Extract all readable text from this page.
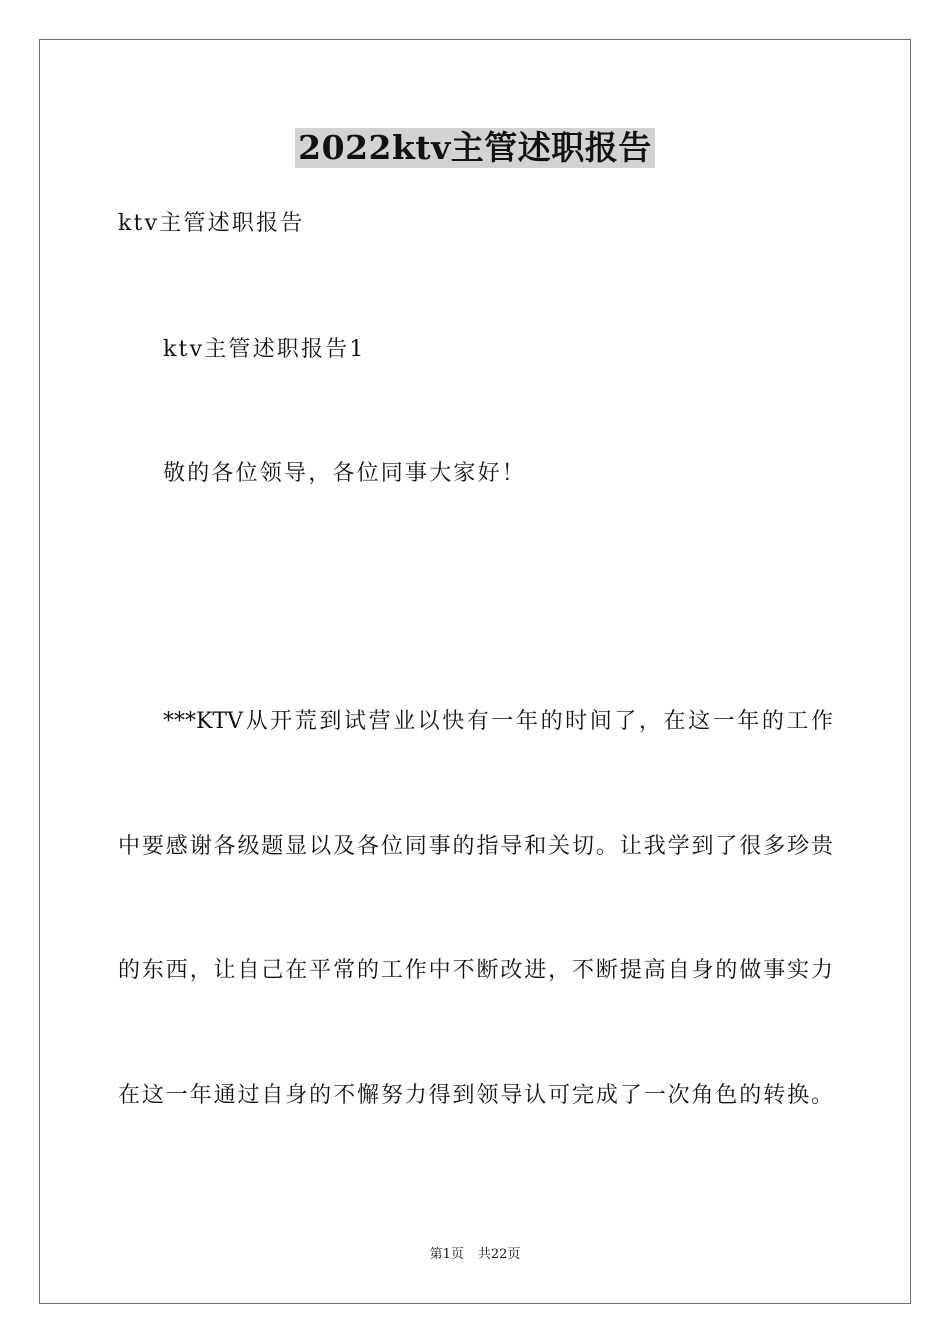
2022ktv主管述职报告
ktv主管述职报告
ktv主管述职报告1
敬的各位领导，各位同事大家好！
***KTV从开荒到试营业以快有一年的时间了，在这一年的工作
中要感谢各级题显以及各位同事的指导和关切。让我学到了很多珍贵
的东西，让自己在平常的工作中不断改进，不断提高自身的做事实力
在这一年通过自身的不懈努力得到领导认可完成了一次角色的转换。
第1页 共22页
